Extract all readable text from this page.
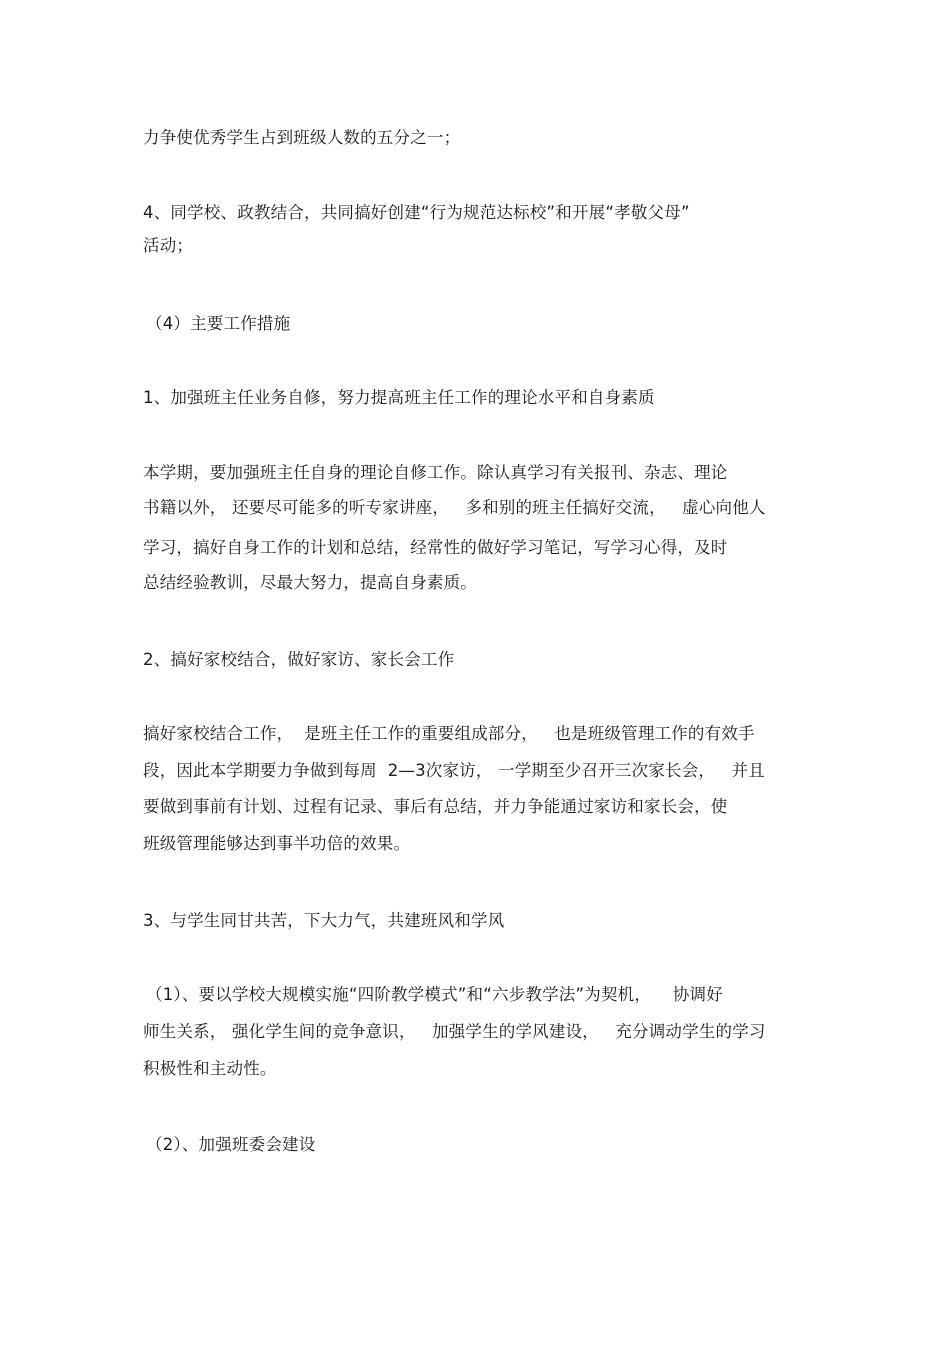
力争使优秀学生占到班级人数的五分之一；
4、同学校、政教结合，共同搞好创建“行为规范达标校”和开展“孝敬父母”
活动；
（4）主要工作措施
1、加强班主任业务自修，努力提高班主任工作的理论水平和自身素质
本学期，要加强班主任自身的理论自修工作。除认真学习有关报刊、杂志、理论
书籍以外， 还要尽可能多的听专家讲座，   多和别的班主任搞好交流，   虚心向他人
学习，搞好自身工作的计划和总结，经常性的做好学习笔记，写学习心得，及时
总结经验教训，尽最大努力，提高自身素质。
2、搞好家校结合，做好家访、家长会工作
搞好家校结合工作，  是班主任工作的重要组成部分，   也是班级管理工作的有效手
段，因此本学期要力争做到每周  2—3次家访， 一学期至少召开三次家长会，   并且
要做到事前有计划、过程有记录、事后有总结，并力争能通过家访和家长会，使
班级管理能够达到事半功倍的效果。
3、与学生同甘共苦，下大力气，共建班风和学风
（1）、要以学校大规模实施“四阶教学模式”和“六步教学法”为契机，    协调好
师生关系， 强化学生间的竞争意识，   加强学生的学风建设，   充分调动学生的学习
积极性和主动性。
（2）、加强班委会建设
